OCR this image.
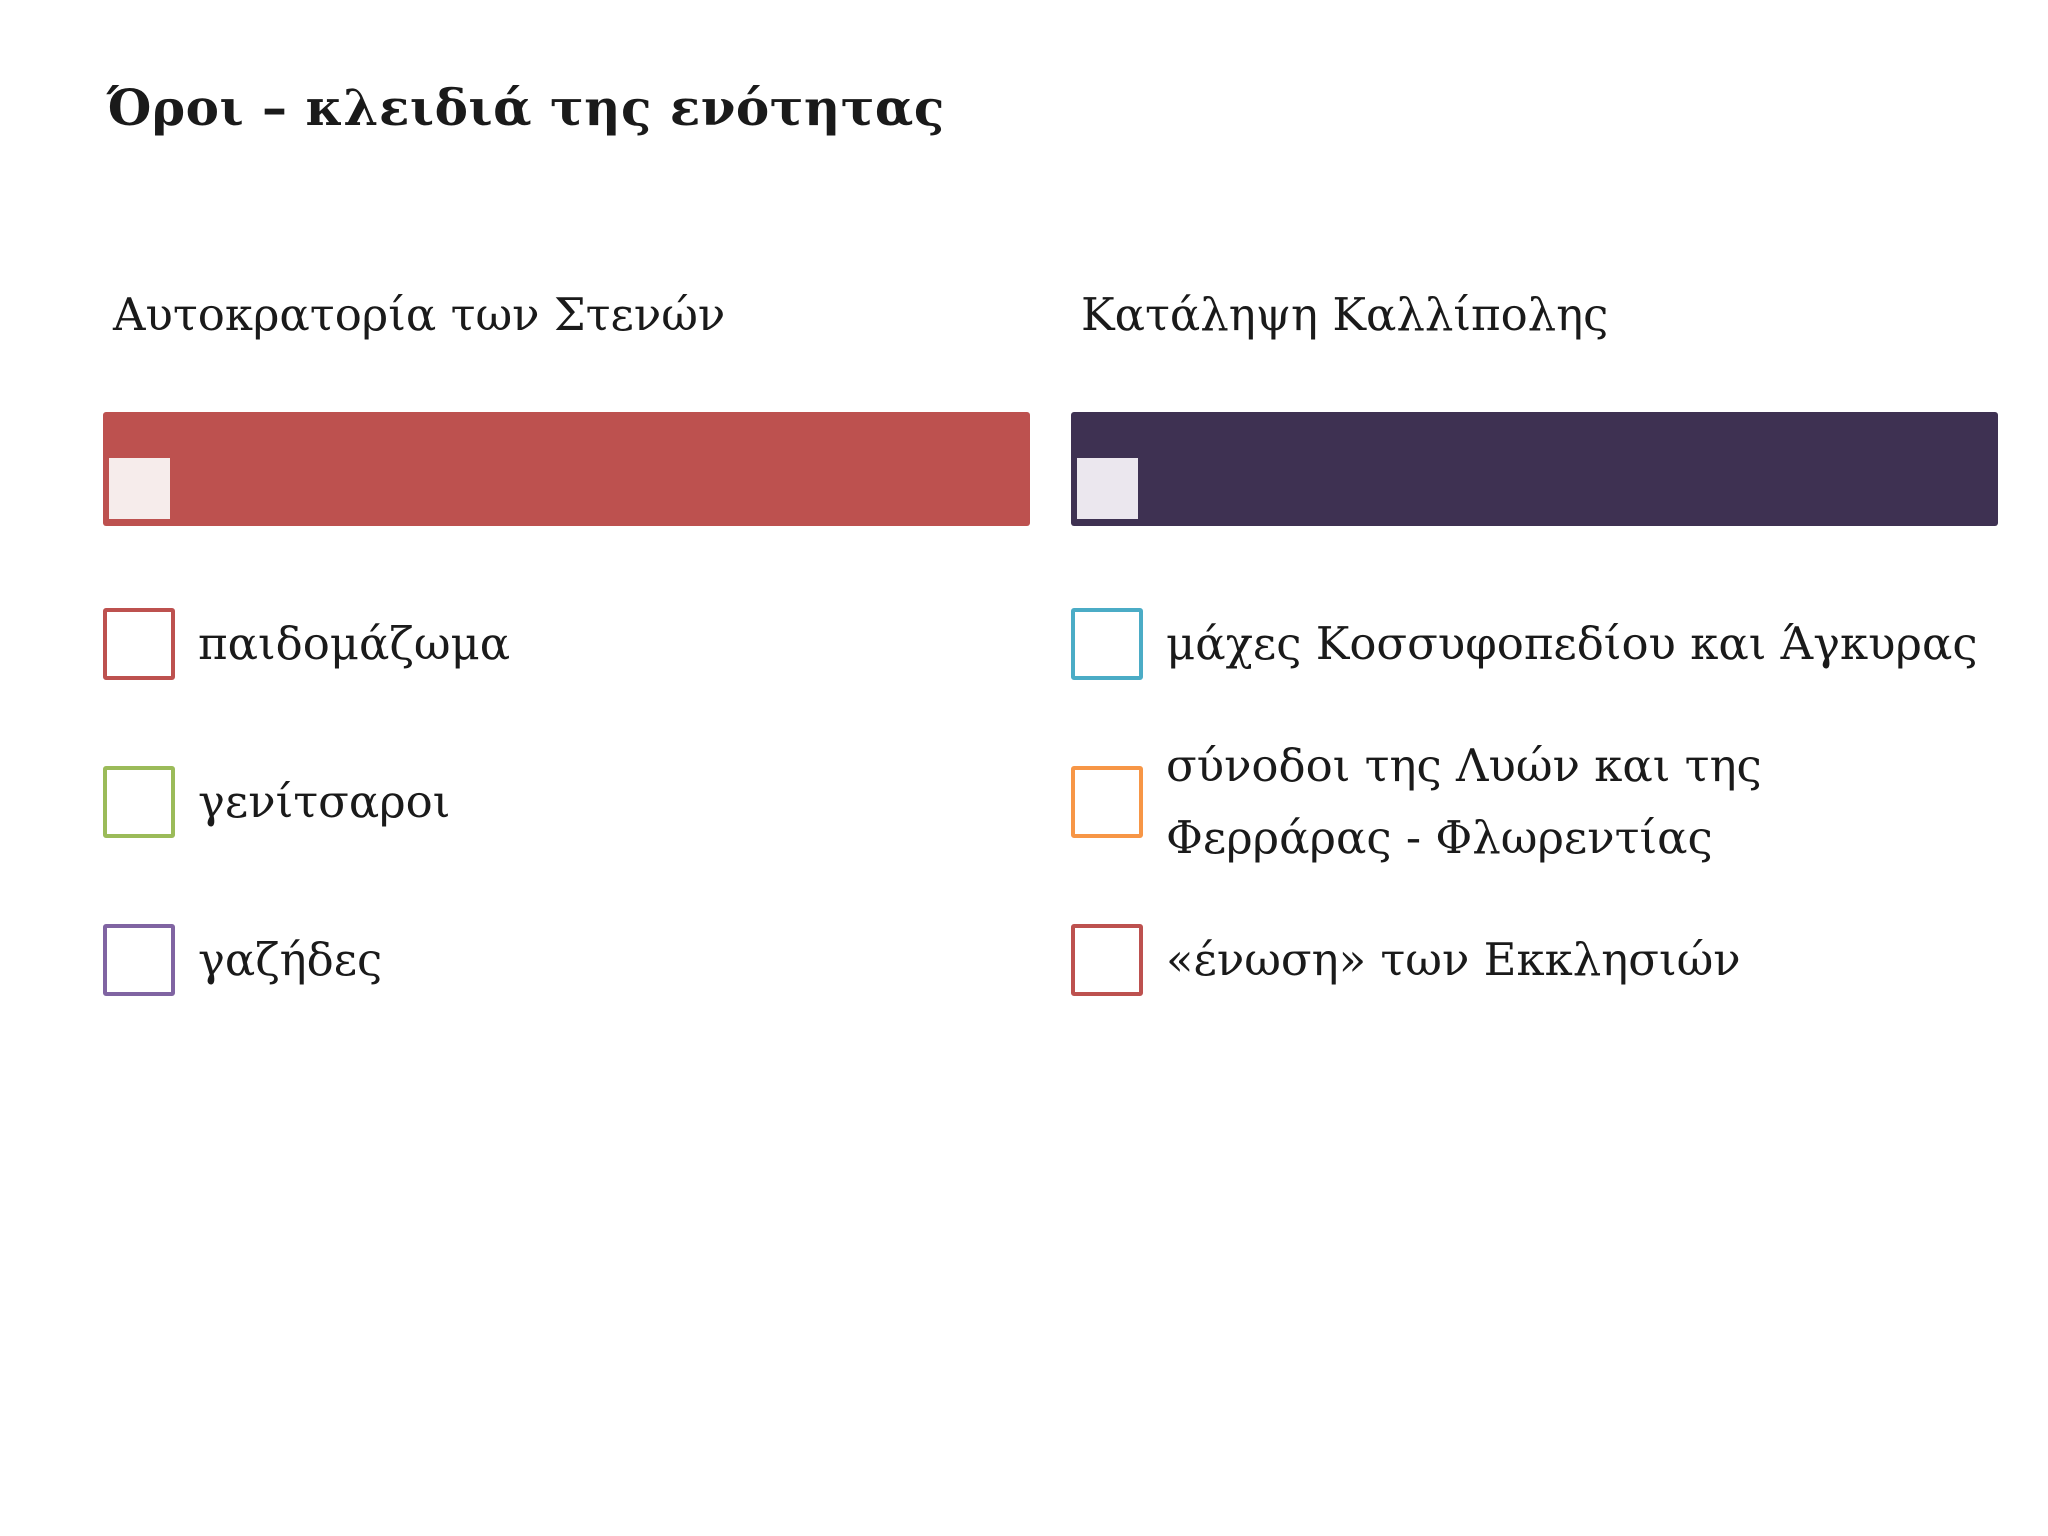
Όροι – κλειδιά της ενότητας
Αυτοκρατορία των Στενών
παιδομάζωμα
γενίτσαροι
γαζήδες
Κατάληψη Καλλίπολης
μάχες Κοσσυφοπεδίου και Άγκυρας
σύνοδοι της Λυών και της
Φερράρας - Φλωρεντίας
«ένωση» των Εκκλησιών
